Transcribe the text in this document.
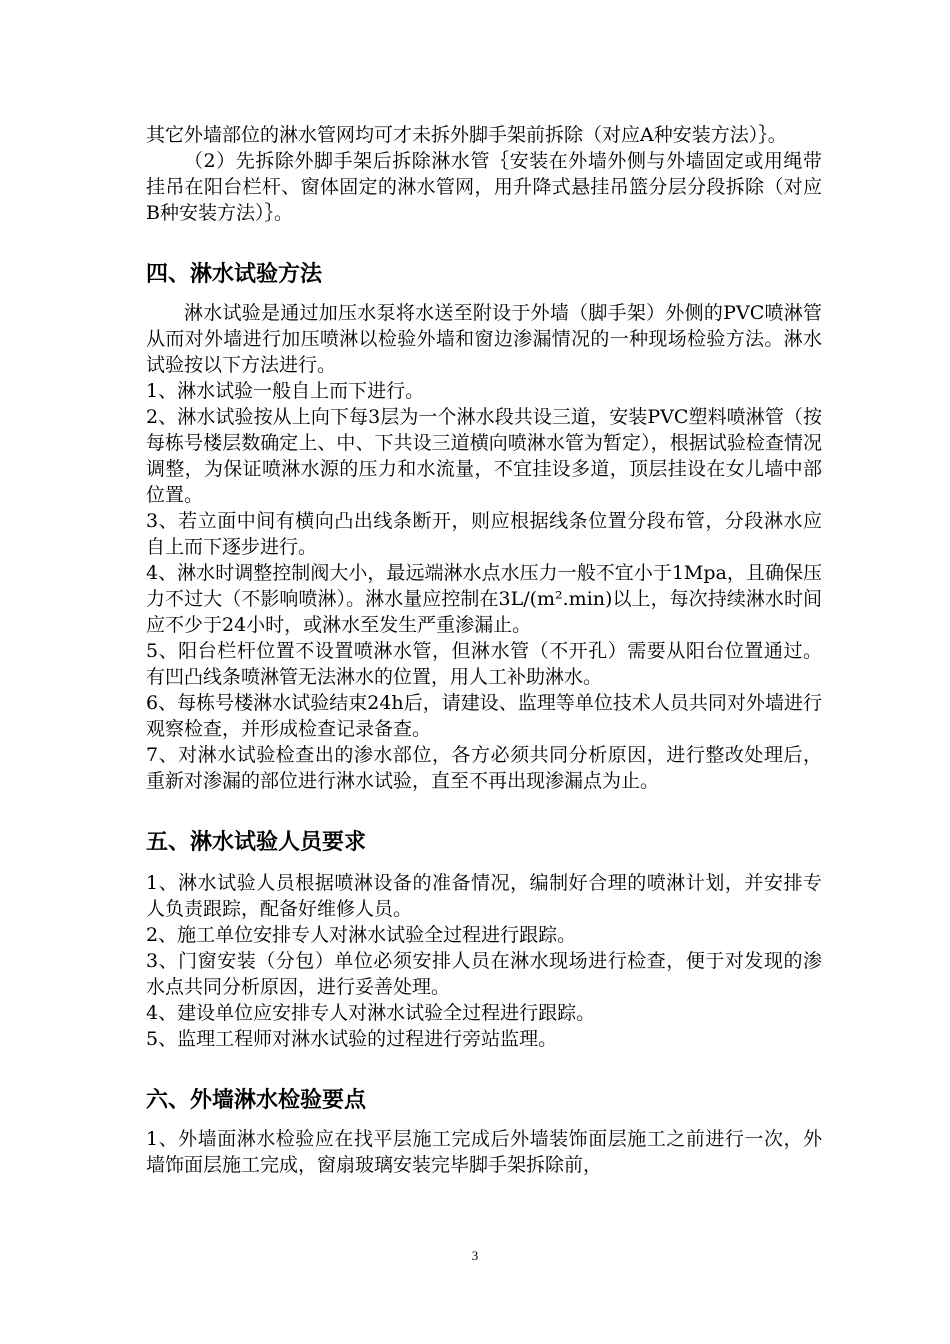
其它外墙部位的淋水管网均可才未拆外脚手架前拆除（对应A种安装方法）｝。

（2）先拆除外脚手架后拆除淋水管｛安装在外墙外侧与外墙固定或用绳带挂吊在阳台栏杆、窗体固定的淋水管网，用升降式悬挂吊篮分层分段拆除（对应B种安装方法）｝。

四、淋水试验方法

淋水试验是通过加压水泵将水送至附设于外墙（脚手架）外侧的PVC喷淋管从而对外墙进行加压喷淋以检验外墙和窗边渗漏情况的一种现场检验方法。淋水试验按以下方法进行。

1、淋水试验一般自上而下进行。

2、淋水试验按从上向下每3层为一个淋水段共设三道，安装PVC塑料喷淋管（按每栋号楼层数确定上、中、下共设三道横向喷淋水管为暂定），根据试验检查情况调整，为保证喷淋水源的压力和水流量，不宜挂设多道，顶层挂设在女儿墙中部位置。

3、若立面中间有横向凸出线条断开，则应根据线条位置分段布管，分段淋水应自上而下逐步进行。

4、淋水时调整控制阀大小，最远端淋水点水压力一般不宜小于1Mpa，且确保压力不过大（不影响喷淋）。淋水量应控制在3L/(m².min)以上，每次持续淋水时间应不少于24小时，或淋水至发生严重渗漏止。

5、阳台栏杆位置不设置喷淋水管，但淋水管（不开孔）需要从阳台位置通过。有凹凸线条喷淋管无法淋水的位置，用人工补助淋水。

6、每栋号楼淋水试验结束24h后，请建设、监理等单位技术人员共同对外墙进行观察检查，并形成检查记录备查。

7、对淋水试验检查出的渗水部位，各方必须共同分析原因，进行整改处理后，重新对渗漏的部位进行淋水试验，直至不再出现渗漏点为止。

五、淋水试验人员要求

1、淋水试验人员根据喷淋设备的准备情况，编制好合理的喷淋计划，并安排专人负责跟踪，配备好维修人员。

2、施工单位安排专人对淋水试验全过程进行跟踪。

3、门窗安装（分包）单位必须安排人员在淋水现场进行检查，便于对发现的渗水点共同分析原因，进行妥善处理。

4、建设单位应安排专人对淋水试验全过程进行跟踪。

5、监理工程师对淋水试验的过程进行旁站监理。

六、外墙淋水检验要点

1、外墙面淋水检验应在找平层施工完成后外墙装饰面层施工之前进行一次，外墙饰面层施工完成，窗扇玻璃安装完毕脚手架拆除前，

3
